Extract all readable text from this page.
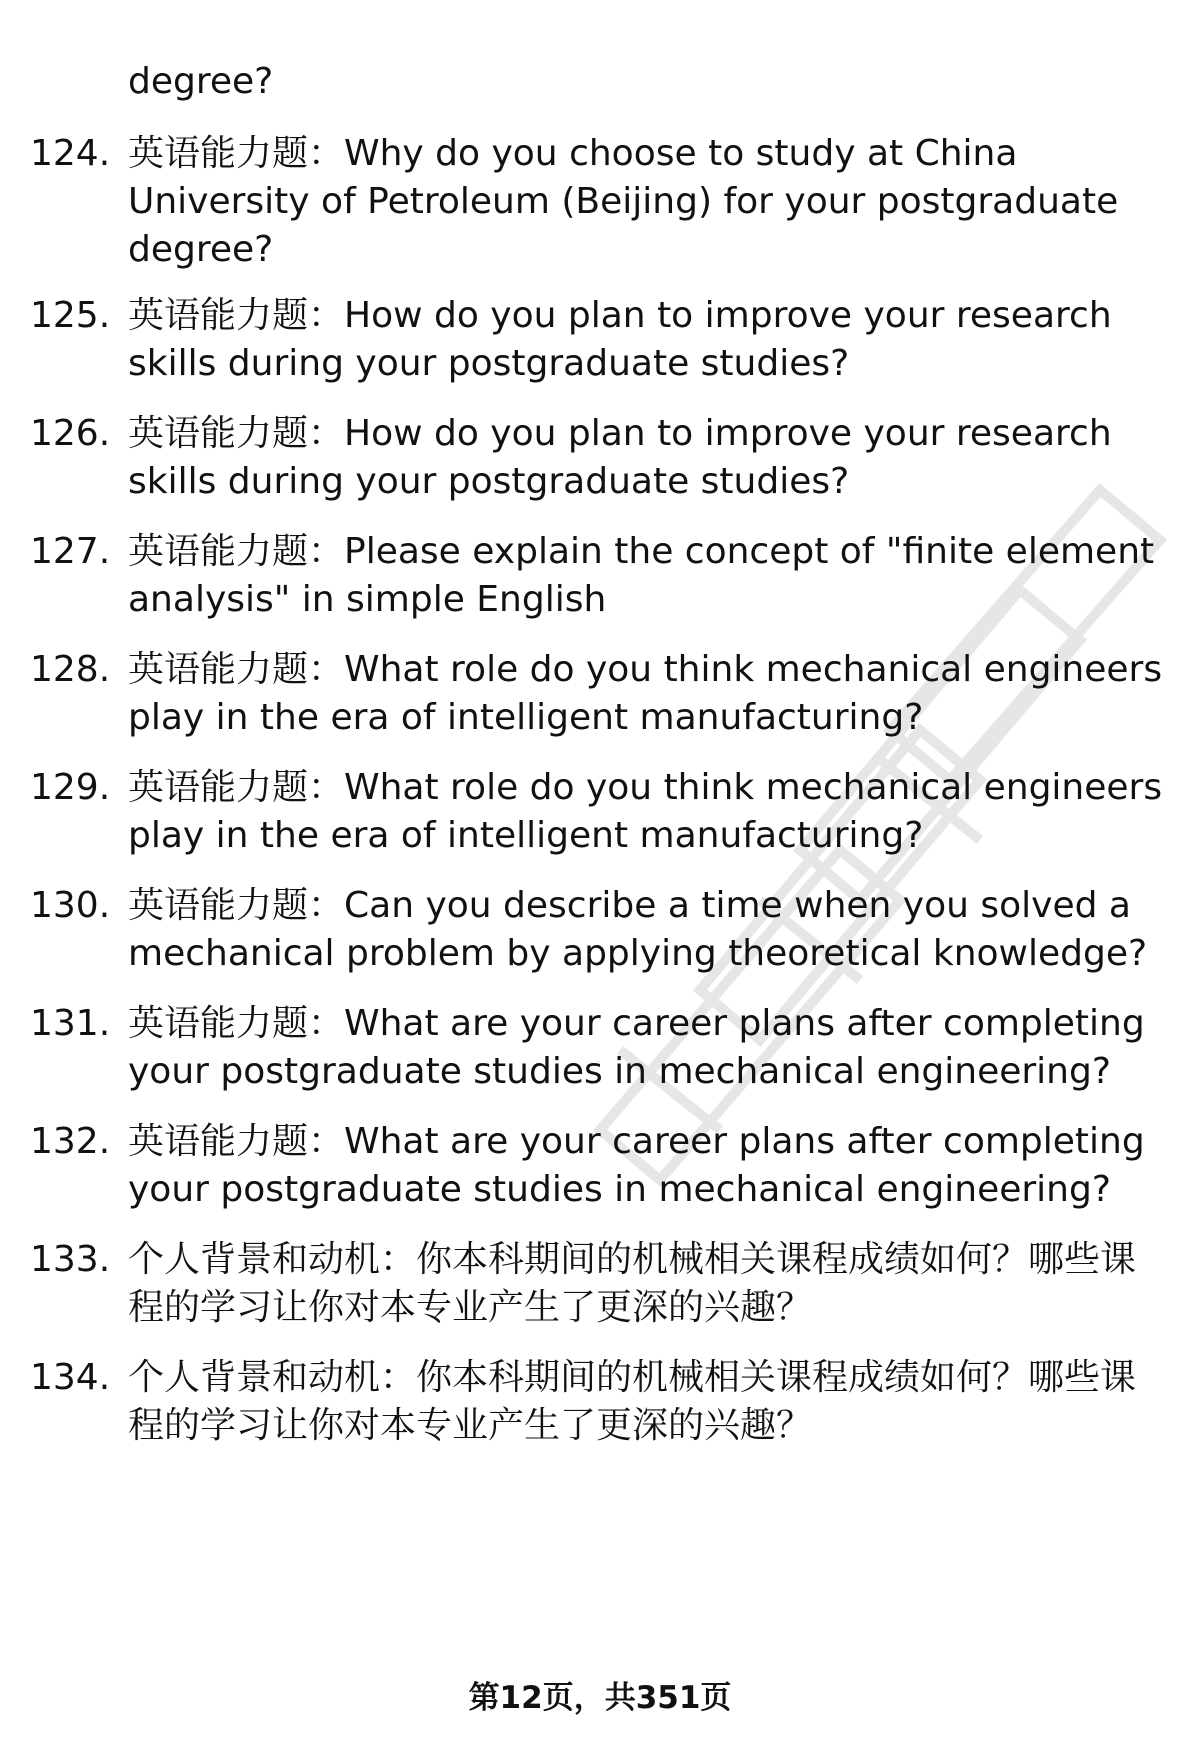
degree?
124. 英语能力题：Why do you choose to study at China
University of Petroleum (Beijing) for your postgraduate
degree?
125. 英语能力题：How do you plan to improve your research
skills during your postgraduate studies?
126. 英语能力题：How do you plan to improve your research
skills during your postgraduate studies?
127. 英语能力题：Please explain the concept of "finite element
analysis" in simple English
128. 英语能力题：What role do you think mechanical engineers
play in the era of intelligent manufacturing?
129. 英语能力题：What role do you think mechanical engineers
play in the era of intelligent manufacturing?
130. 英语能力题：Can you describe a time when you solved a
mechanical problem by applying theoretical knowledge?
131. 英语能力题：What are your career plans after completing
your postgraduate studies in mechanical engineering?
132. 英语能力题：What are your career plans after completing
your postgraduate studies in mechanical engineering?
133. 个人背景和动机：你本科期间的机械相关课程成绩如何？哪些课
程的学习让你对本专业产生了更深的兴趣？
134. 个人背景和动机：你本科期间的机械相关课程成绩如何？哪些课
程的学习让你对本专业产生了更深的兴趣？
第12页，共351页
